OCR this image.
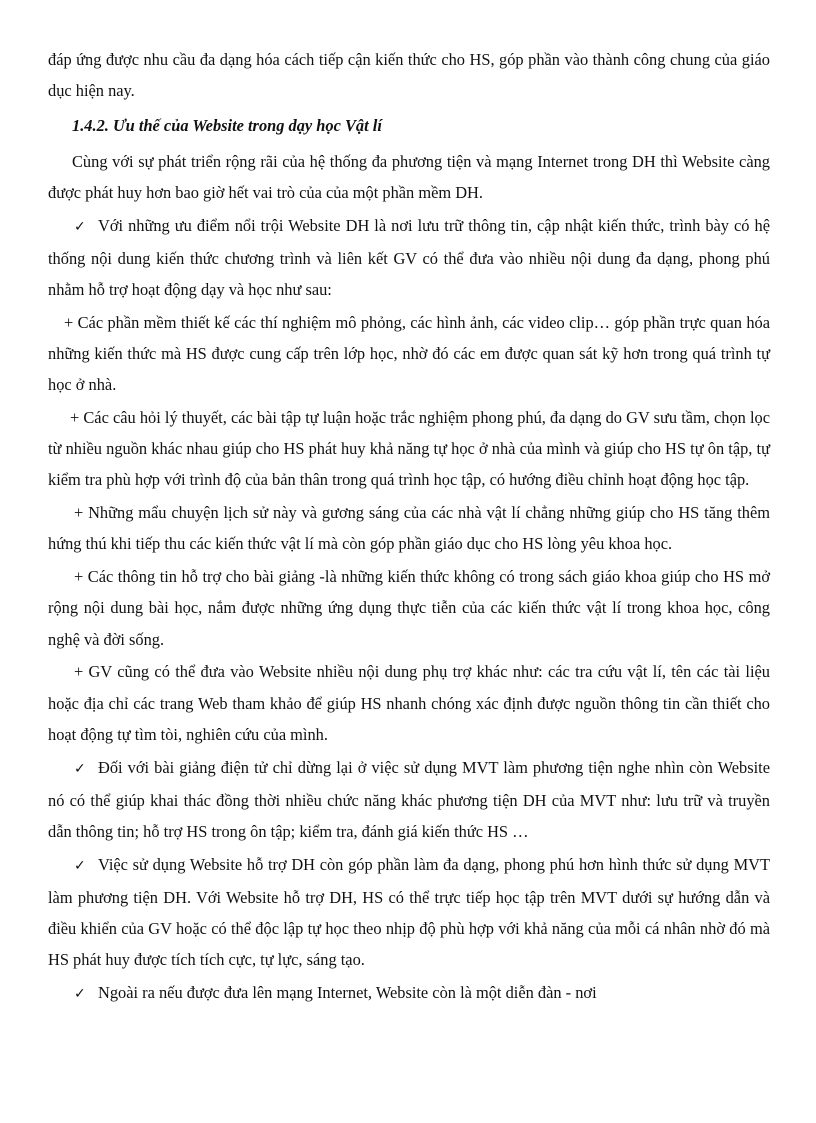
đáp ứng được nhu cầu đa dạng hóa cách tiếp cận kiến thức cho HS, góp phần vào thành công chung của giáo dục hiện nay.

1.4.2. Ưu thế của Website trong dạy học Vật lí

Cùng với sự phát triển rộng rãi của hệ thống đa phương tiện và mạng Internet trong DH thì Website càng được phát huy hơn bao giờ hết vai trò của của một phần mềm DH.

✓ Với những ưu điểm nổi trội Website DH là nơi lưu trữ thông tin, cập nhật kiến thức, trình bày có hệ thống nội dung kiến thức chương trình và liên kết GV có thể đưa vào nhiều nội dung đa dạng, phong phú nhằm hỗ trợ hoạt động dạy và học như sau:

+ Các phần mềm thiết kế các thí nghiệm mô phỏng, các hình ảnh, các video clip… góp phần trực quan hóa những kiến thức mà HS được cung cấp trên lớp học, nhờ đó các em được quan sát kỹ hơn trong quá trình tự học ở nhà.

+ Các câu hỏi lý thuyết, các bài tập tự luận hoặc trắc nghiệm phong phú, đa dạng do GV sưu tầm, chọn lọc từ nhiều nguồn khác nhau giúp cho HS phát huy khả năng tự học ở nhà của mình và giúp cho HS tự ôn tập, tự kiểm tra phù hợp với trình độ của bản thân trong quá trình học tập, có hướng điều chỉnh hoạt động học tập.

+ Những mẩu chuyện lịch sử này và gương sáng của các nhà vật lí chẳng những giúp cho HS tăng thêm hứng thú khi tiếp thu các kiến thức vật lí mà còn góp phần giáo dục cho HS lòng yêu khoa học.

+ Các thông tin hỗ trợ cho bài giảng -là những kiến thức không có trong sách giáo khoa giúp cho HS mở rộng nội dung bài học, nắm được những ứng dụng thực tiễn của các kiến thức vật lí trong khoa học, công nghệ và đời sống.

+ GV cũng có thể đưa vào Website nhiều nội dung phụ trợ khác như: các tra cứu vật lí, tên các tài liệu hoặc địa chỉ các trang Web tham khảo để giúp HS nhanh chóng xác định được nguồn thông tin cần thiết cho hoạt động tự tìm tòi, nghiên cứu của mình.

✓ Đối với bài giảng điện tử chỉ dừng lại ở việc sử dụng MVT làm phương tiện nghe nhìn còn Website nó có thể giúp khai thác đồng thời nhiều chức năng khác phương tiện DH của MVT như: lưu trữ và truyền dẫn thông tin; hỗ trợ HS trong ôn tập; kiểm tra, đánh giá kiến thức HS …

✓ Việc sử dụng Website hỗ trợ DH còn góp phần làm đa dạng, phong phú hơn hình thức sử dụng MVT làm phương tiện DH. Với Website hỗ trợ DH, HS có thể trực tiếp học tập trên MVT dưới sự hướng dẫn và điều khiển của GV hoặc có thể độc lập tự học theo nhịp độ phù hợp với khả năng của mỗi cá nhân nhờ đó mà HS phát huy được tích tích cực, tự lực, sáng tạo.

✓ Ngoài ra nếu được đưa lên mạng Internet, Website còn là một diễn đàn - nơi
